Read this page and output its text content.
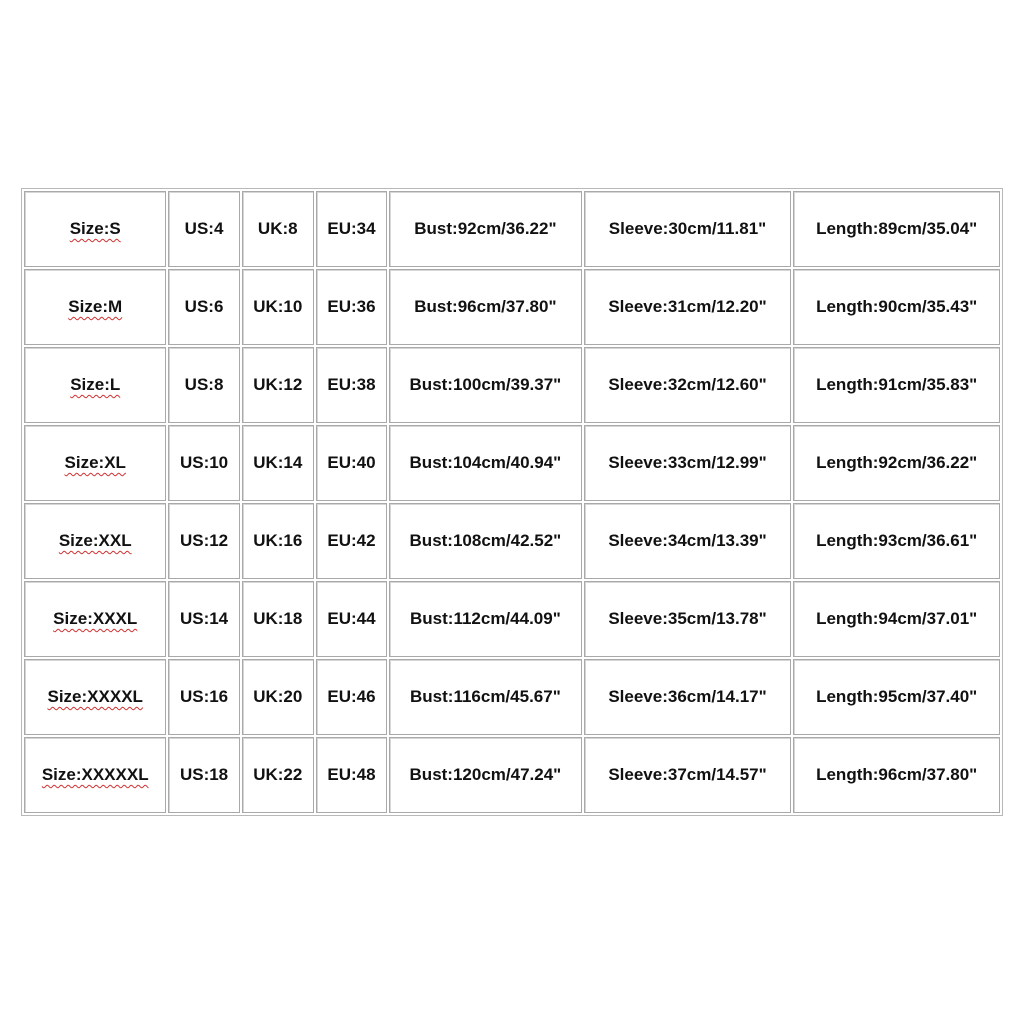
Size:S	US:4	UK:8	EU:34	Bust:92cm/36.22"	Sleeve:30cm/11.81"	Length:89cm/35.04"
Size:M	US:6	UK:10	EU:36	Bust:96cm/37.80"	Sleeve:31cm/12.20"	Length:90cm/35.43"
Size:L	US:8	UK:12	EU:38	Bust:100cm/39.37"	Sleeve:32cm/12.60"	Length:91cm/35.83"
Size:XL	US:10	UK:14	EU:40	Bust:104cm/40.94"	Sleeve:33cm/12.99"	Length:92cm/36.22"
Size:XXL	US:12	UK:16	EU:42	Bust:108cm/42.52"	Sleeve:34cm/13.39"	Length:93cm/36.61"
Size:XXXL	US:14	UK:18	EU:44	Bust:112cm/44.09"	Sleeve:35cm/13.78"	Length:94cm/37.01"
Size:XXXXL	US:16	UK:20	EU:46	Bust:116cm/45.67"	Sleeve:36cm/14.17"	Length:95cm/37.40"
Size:XXXXXL	US:18	UK:22	EU:48	Bust:120cm/47.24"	Sleeve:37cm/14.57"	Length:96cm/37.80"
